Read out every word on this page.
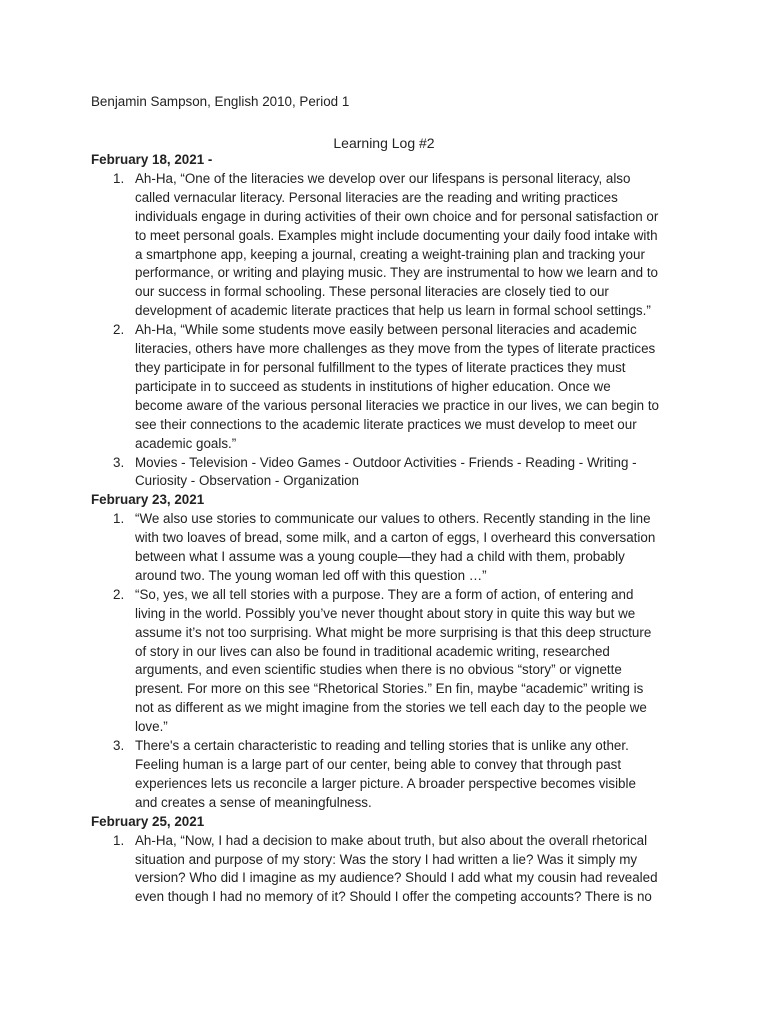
Benjamin Sampson, English 2010, Period 1
Learning Log #2
February 18, 2021 -
1. Ah-Ha, “One of the literacies we develop over our lifespans is personal literacy, also
called vernacular literacy. Personal literacies are the reading and writing practices
individuals engage in during activities of their own choice and for personal satisfaction or
to meet personal goals. Examples might include documenting your daily food intake with
a smartphone app, keeping a journal, creating a weight-training plan and tracking your
performance, or writing and playing music. They are instrumental to how we learn and to
our success in formal schooling. These personal literacies are closely tied to our
development of academic literate practices that help us learn in formal school settings.”
2. Ah-Ha, “While some students move easily between personal literacies and academic
literacies, others have more challenges as they move from the types of literate practices
they participate in for personal fulfillment to the types of literate practices they must
participate in to succeed as students in institutions of higher education. Once we
become aware of the various personal literacies we practice in our lives, we can begin to
see their connections to the academic literate practices we must develop to meet our
academic goals.”
3. Movies - Television - Video Games - Outdoor Activities - Friends - Reading - Writing -
Curiosity - Observation - Organization
February 23, 2021
1. “We also use stories to communicate our values to others. Recently standing in the line
with two loaves of bread, some milk, and a carton of eggs, I overheard this conversation
between what I assume was a young couple—they had a child with them, probably
around two. The young woman led off with this question …”
2. “So, yes, we all tell stories with a purpose. They are a form of action, of entering and
living in the world. Possibly you’ve never thought about story in quite this way but we
assume it’s not too surprising. What might be more surprising is that this deep structure
of story in our lives can also be found in traditional academic writing, researched
arguments, and even scientific studies when there is no obvious “story” or vignette
present. For more on this see “Rhetorical Stories.” En fin, maybe “academic” writing is
not as different as we might imagine from the stories we tell each day to the people we
love.”
3. There's a certain characteristic to reading and telling stories that is unlike any other.
Feeling human is a large part of our center, being able to convey that through past
experiences lets us reconcile a larger picture. A broader perspective becomes visible
and creates a sense of meaningfulness.
February 25, 2021
1. Ah-Ha, “Now, I had a decision to make about truth, but also about the overall rhetorical
situation and purpose of my story: Was the story I had written a lie? Was it simply my
version? Who did I imagine as my audience? Should I add what my cousin had revealed
even though I had no memory of it? Should I offer the competing accounts? There is no
